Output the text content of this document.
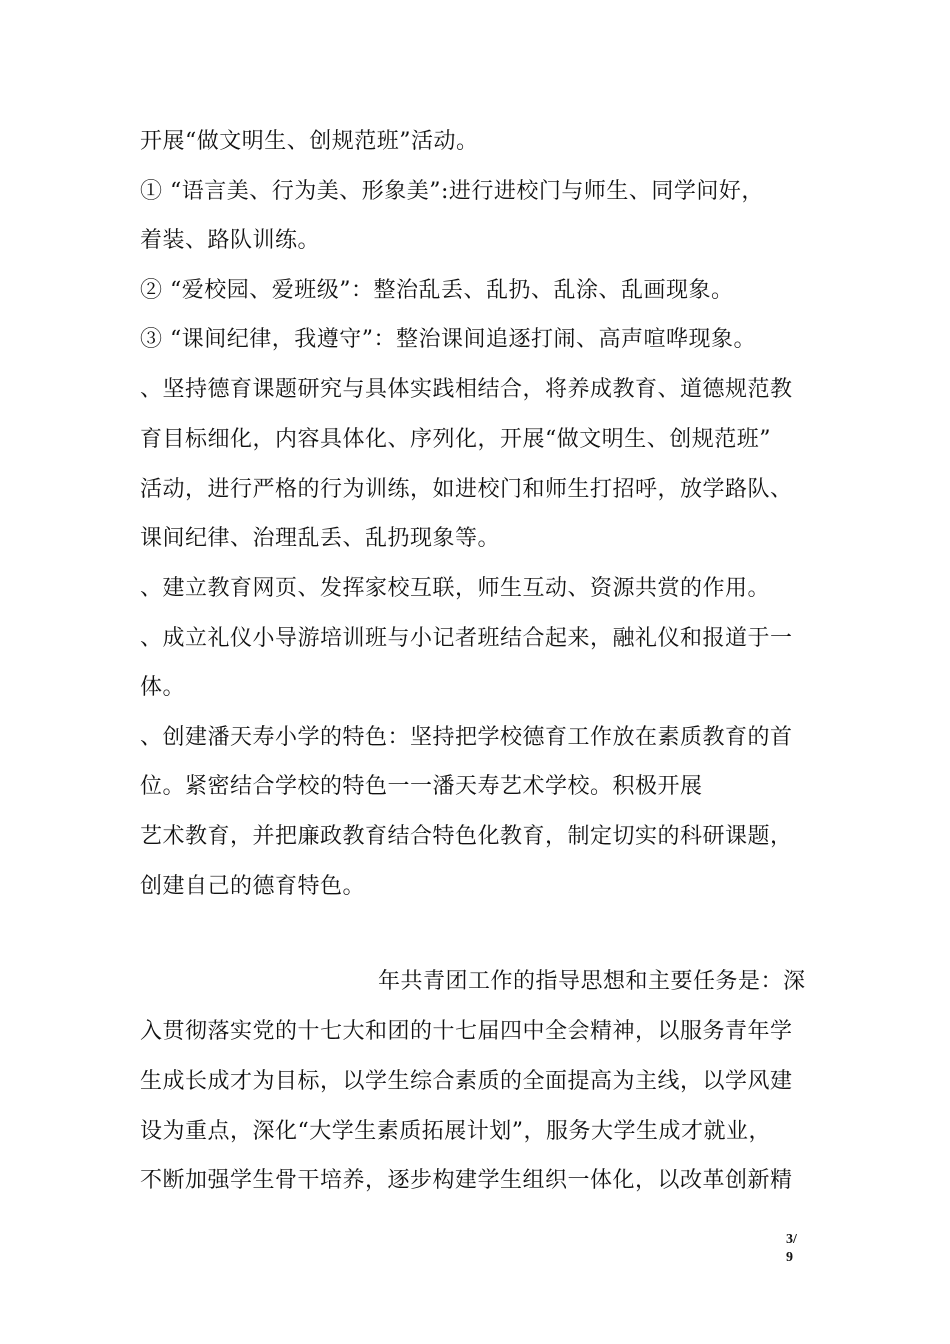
开展“做文明生、创规范班”活动。
① “语言美、行为美、形象美”:进行进校门与师生、同学问好，
着装、路队训练。
② “爱校园、爱班级”：整治乱丢、乱扔、乱涂、乱画现象。
③ “课间纪律，我遵守”：整治课间追逐打闹、高声喧哗现象。
、坚持德育课题研究与具体实践相结合，将养成教育、道德规范教
育目标细化，内容具体化、序列化，开展“做文明生、创规范班”
活动，进行严格的行为训练，如进校门和师生打招呼，放学路队、
课间纪律、治理乱丢、乱扔现象等。
、建立教育网页、发挥家校互联，师生互动、资源共赏的作用。
、成立礼仪小导游培训班与小记者班结合起来，融礼仪和报道于一
体。
、创建潘天寿小学的特色：坚持把学校德育工作放在素质教育的首
位。紧密结合学校的特色一一潘天寿艺术学校。积极开展
艺术教育，并把廉政教育结合特色化教育，制定切实的科研课题，
创建自己的德育特色。
年共青团工作的指导思想和主要任务是：深
入贯彻落实党的十七大和团的十七届四中全会精神，以服务青年学
生成长成才为目标，以学生综合素质的全面提高为主线，以学风建
设为重点，深化“大学生素质拓展计划”，服务大学生成才就业，
不断加强学生骨干培养，逐步构建学生组织一体化，以改革创新精
3/
9
